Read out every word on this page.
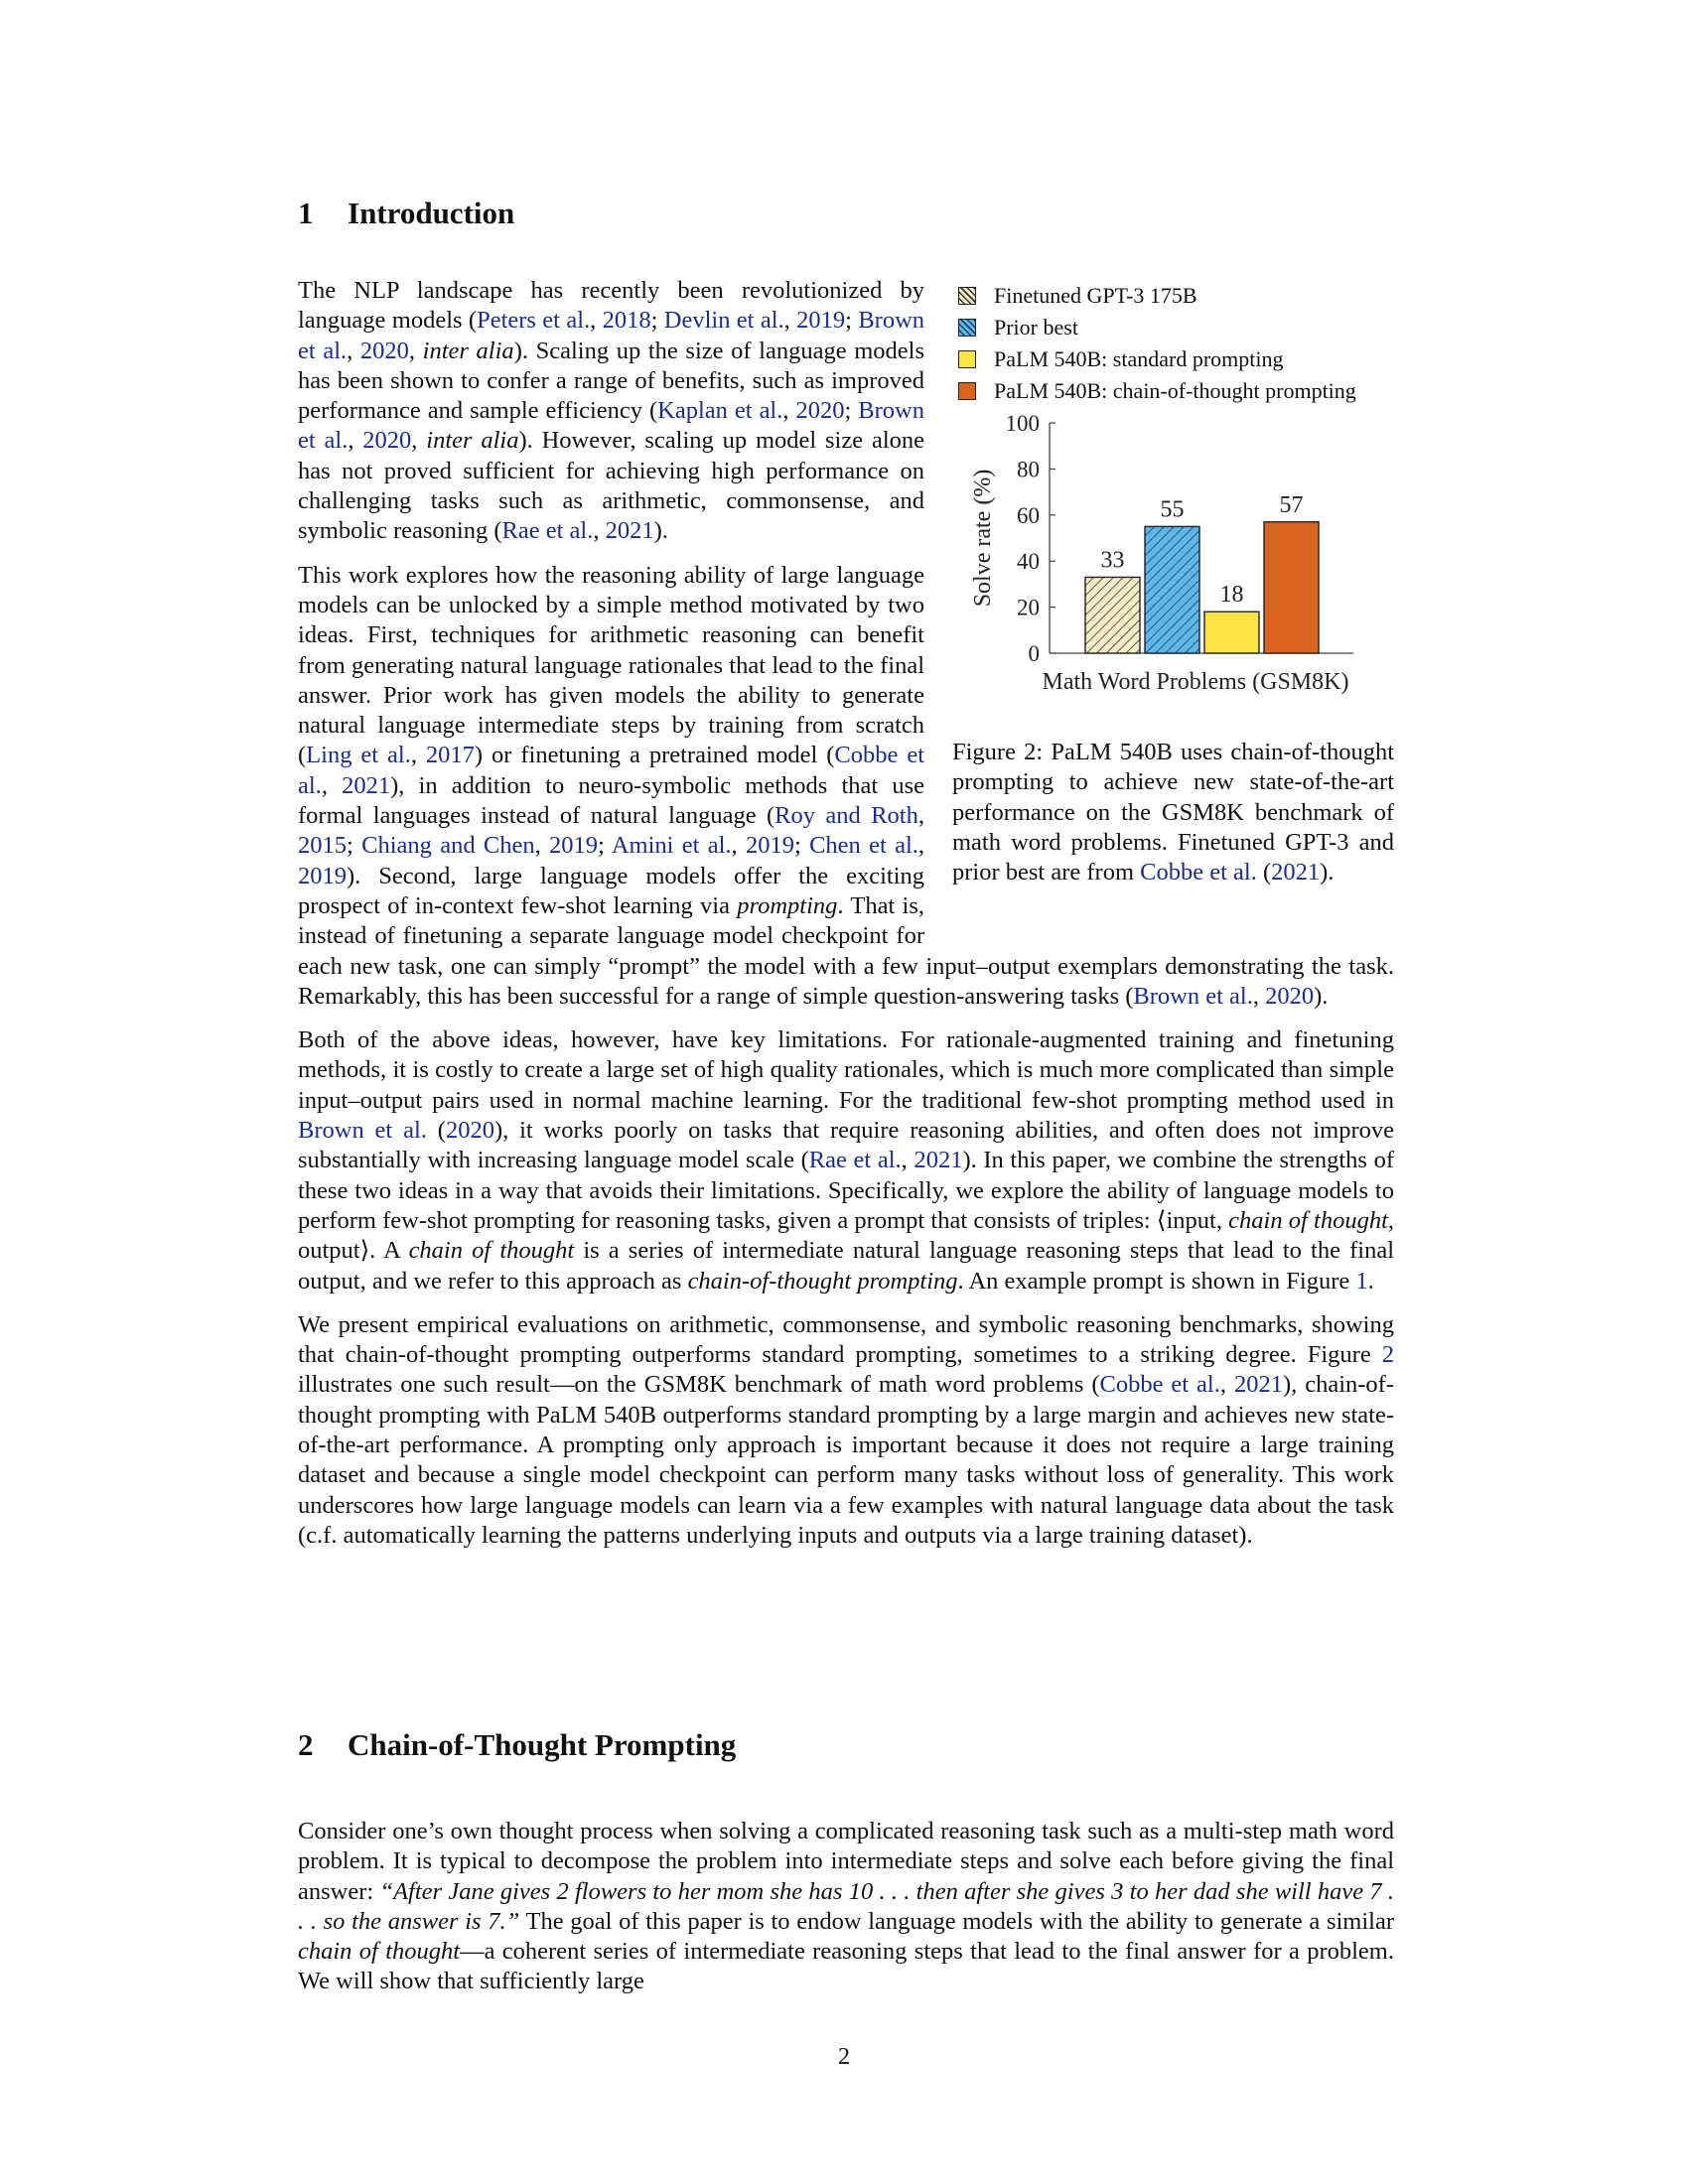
1 Introduction
Finetuned GPT-3 175B
Prior best
PaLM 540B: standard prompting
PaLM 540B: chain-of-thought prompting
0
20
40
60
80
100
Solve rate (%)
Math Word Problems (GSM8K)
33
55
18
57
Figure 2: PaLM 540B uses chain-of-thought prompting to achieve new state-of-the-art performance on the GSM8K benchmark of math word problems. Finetuned GPT-3 and prior best are from Cobbe et al. (2021).

The NLP landscape has recently been revolutionized by language models (Peters et al., 2018; Devlin et al., 2019; Brown et al., 2020, inter alia). Scaling up the size of language models has been shown to confer a range of benefits, such as improved performance and sample efficiency (Kaplan et al., 2020; Brown et al., 2020, inter alia). However, scaling up model size alone has not proved sufficient for achieving high performance on challenging tasks such as arithmetic, commonsense, and symbolic reasoning (Rae et al., 2021).

This work explores how the reasoning ability of large language models can be unlocked by a simple method motivated by two ideas. First, techniques for arithmetic reasoning can benefit from generating natural language rationales that lead to the final answer. Prior work has given models the ability to generate natural language intermediate steps by training from scratch (Ling et al., 2017) or finetuning a pretrained model (Cobbe et al., 2021), in addition to neuro-symbolic methods that use formal languages instead of natural language (Roy and Roth, 2015; Chiang and Chen, 2019; Amini et al., 2019; Chen et al., 2019). Second, large language models offer the exciting prospect of in-context few-shot learning via prompting. That is, instead of finetuning a separate language model checkpoint for each new task, one can simply “prompt” the model with a few input–output exemplars demonstrating the task. Remarkably, this has been successful for a range of simple question-answering tasks (Brown et al., 2020).

Both of the above ideas, however, have key limitations. For rationale-augmented training and finetuning methods, it is costly to create a large set of high quality rationales, which is much more complicated than simple input–output pairs used in normal machine learning. For the traditional few-shot prompting method used in Brown et al. (2020), it works poorly on tasks that require reasoning abilities, and often does not improve substantially with increasing language model scale (Rae et al., 2021). In this paper, we combine the strengths of these two ideas in a way that avoids their limitations. Specifically, we explore the ability of language models to perform few-shot prompting for reasoning tasks, given a prompt that consists of triples: ⟨input, chain of thought, output⟩. A chain of thought is a series of intermediate natural language reasoning steps that lead to the final output, and we refer to this approach as chain-of-thought prompting. An example prompt is shown in Figure 1.

We present empirical evaluations on arithmetic, commonsense, and symbolic reasoning benchmarks, showing that chain-of-thought prompting outperforms standard prompting, sometimes to a striking degree. Figure 2 illustrates one such result—on the GSM8K benchmark of math word problems (Cobbe et al., 2021), chain-of-thought prompting with PaLM 540B outperforms standard prompting by a large margin and achieves new state-of-the-art performance. A prompting only approach is important because it does not require a large training dataset and because a single model checkpoint can perform many tasks without loss of generality. This work underscores how large language models can learn via a few examples with natural language data about the task (c.f. automatically learning the patterns underlying inputs and outputs via a large training dataset).

2 Chain-of-Thought Prompting

Consider one’s own thought process when solving a complicated reasoning task such as a multi-step math word problem. It is typical to decompose the problem into intermediate steps and solve each before giving the final answer: “After Jane gives 2 flowers to her mom she has 10 . . . then after she gives 3 to her dad she will have 7 . . . so the answer is 7.” The goal of this paper is to endow language models with the ability to generate a similar chain of thought—a coherent series of intermediate reasoning steps that lead to the final answer for a problem. We will show that sufficiently large

2
